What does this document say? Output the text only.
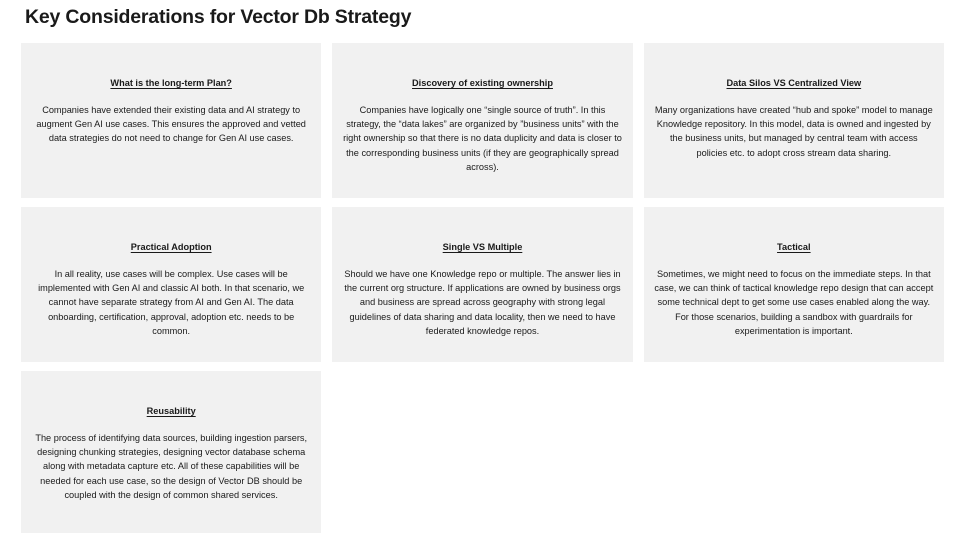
Key Considerations for Vector Db Strategy
What is the long-term Plan?
Companies have extended their existing data and AI strategy to augment Gen AI use cases. This ensures the approved and vetted data strategies do not need to change for Gen AI use cases.
Discovery of existing ownership
Companies have logically one “single source of truth”. In this strategy, the “data lakes” are organized by ”business units” with the right ownership so that there is no data duplicity and data is closer to the corresponding business units (if they are geographically spread across).
Data Silos VS Centralized View
Many organizations have created “hub and spoke” model to manage Knowledge repository. In this model, data is owned and ingested by the business units, but managed by central team with access policies etc. to adopt cross stream data sharing.
Practical Adoption
In all reality, use cases will be complex. Use cases will be implemented with Gen AI and classic AI both. In that scenario, we cannot have separate strategy from AI and Gen AI. The data onboarding, certification, approval, adoption etc. needs to be common.
Single VS Multiple
Should we have one Knowledge repo or multiple. The answer lies in the current org structure. If applications are owned by business orgs and business are spread across geography with strong legal guidelines of data sharing and data locality, then we need to have federated knowledge repos.
Tactical
Sometimes, we might need to focus on the immediate steps. In that case, we can think of tactical knowledge repo design that can accept some technical dept to get some use cases enabled along the way. For those scenarios, building a sandbox with guardrails for experimentation is important.
Reusability
The process of identifying data sources, building ingestion parsers, designing chunking strategies, designing vector database schema along with metadata capture etc. All of these capabilities will be needed for each use case, so the design of Vector DB should be coupled with the design of common shared services.
